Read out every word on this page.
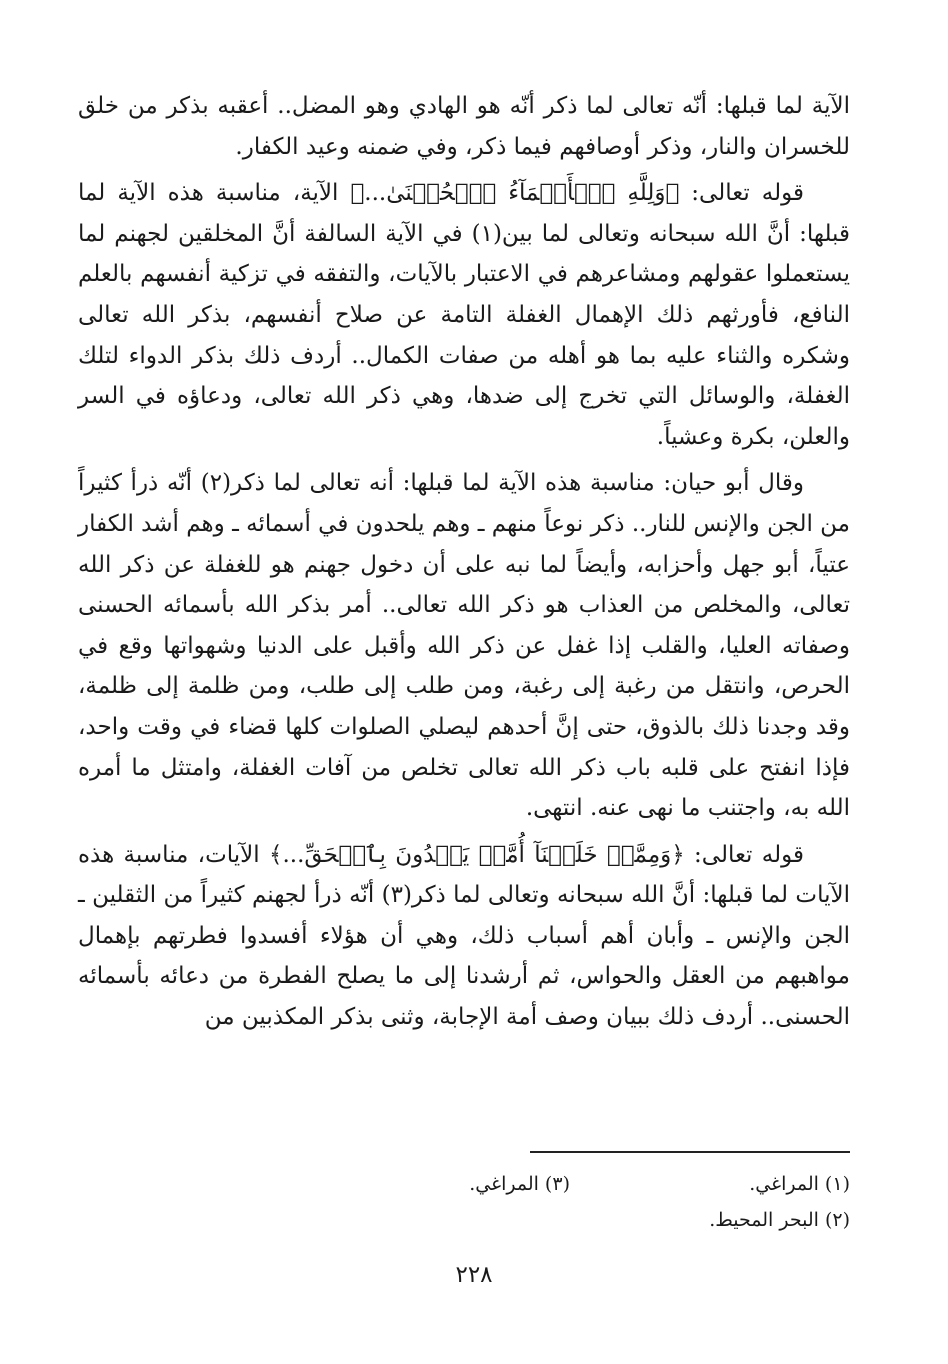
الآية لما قبلها: أنّه تعالى لما ذكر أنّه هو الهادي وهو المضل.. أعقبه بذكر من خلق للخسران والنار، وذكر أوصافهم فيما ذكر، وفي ضمنه وعيد الكفار.

قوله تعالى: ﴿وَلِلَّهِ ٱلۡأَسۡمَآءُ ٱلۡحُسۡنَىٰ...﴾ الآية، مناسبة هذه الآية لما قبلها: أنَّ الله سبحانه وتعالى لما بين(١) في الآية السالفة أنَّ المخلقين لجهنم لما يستعملوا عقولهم ومشاعرهم في الاعتبار بالآيات، والتفقه في تزكية أنفسهم بالعلم النافع، فأورثهم ذلك الإهمال الغفلة التامة عن صلاح أنفسهم، بذكر الله تعالى وشكره والثناء عليه بما هو أهله من صفات الكمال.. أردف ذلك بذكر الدواء لتلك الغفلة، والوسائل التي تخرج إلى ضدها، وهي ذكر الله تعالى، ودعاؤه في السر والعلن، بكرة وعشياً.

وقال أبو حيان: مناسبة هذه الآية لما قبلها: أنه تعالى لما ذكر(٢) أنّه ذرأ كثيراً من الجن والإنس للنار.. ذكر نوعاً منهم ـ وهم يلحدون في أسمائه ـ وهم أشد الكفار عتياً، أبو جهل وأحزابه، وأيضاً لما نبه على أن دخول جهنم هو للغفلة عن ذكر الله تعالى، والمخلص من العذاب هو ذكر الله تعالى.. أمر بذكر الله بأسمائه الحسنى وصفاته العليا، والقلب إذا غفل عن ذكر الله وأقبل على الدنيا وشهواتها وقع في الحرص، وانتقل من رغبة إلى رغبة، ومن طلب إلى طلب، ومن ظلمة إلى ظلمة، وقد وجدنا ذلك بالذوق، حتى إنَّ أحدهم ليصلي الصلوات كلها قضاء في وقت واحد، فإذا انفتح على قلبه باب ذكر الله تعالى تخلص من آفات الغفلة، وامتثل ما أمره الله به، واجتنب ما نهى عنه. انتهى.

قوله تعالى: ﴿وَمِمَّنۡ خَلَقۡنَآ أُمَّةٞ يَهۡدُونَ بِٱلۡحَقِّ...﴾ الآيات، مناسبة هذه الآيات لما قبلها: أنَّ الله سبحانه وتعالى لما ذكر(٣) أنّه ذرأ لجهنم كثيراً من الثقلين ـ الجن والإنس ـ وأبان أهم أسباب ذلك، وهي أن هؤلاء أفسدوا فطرتهم بإهمال مواهبهم من العقل والحواس، ثم أرشدنا إلى ما يصلح الفطرة من دعائه بأسمائه الحسنى.. أردف ذلك ببيان وصف أمة الإجابة، وثنى بذكر المكذبين من

(١) المراغي.
(٣) المراغي.
(٢) البحر المحيط.
٢٢٨
